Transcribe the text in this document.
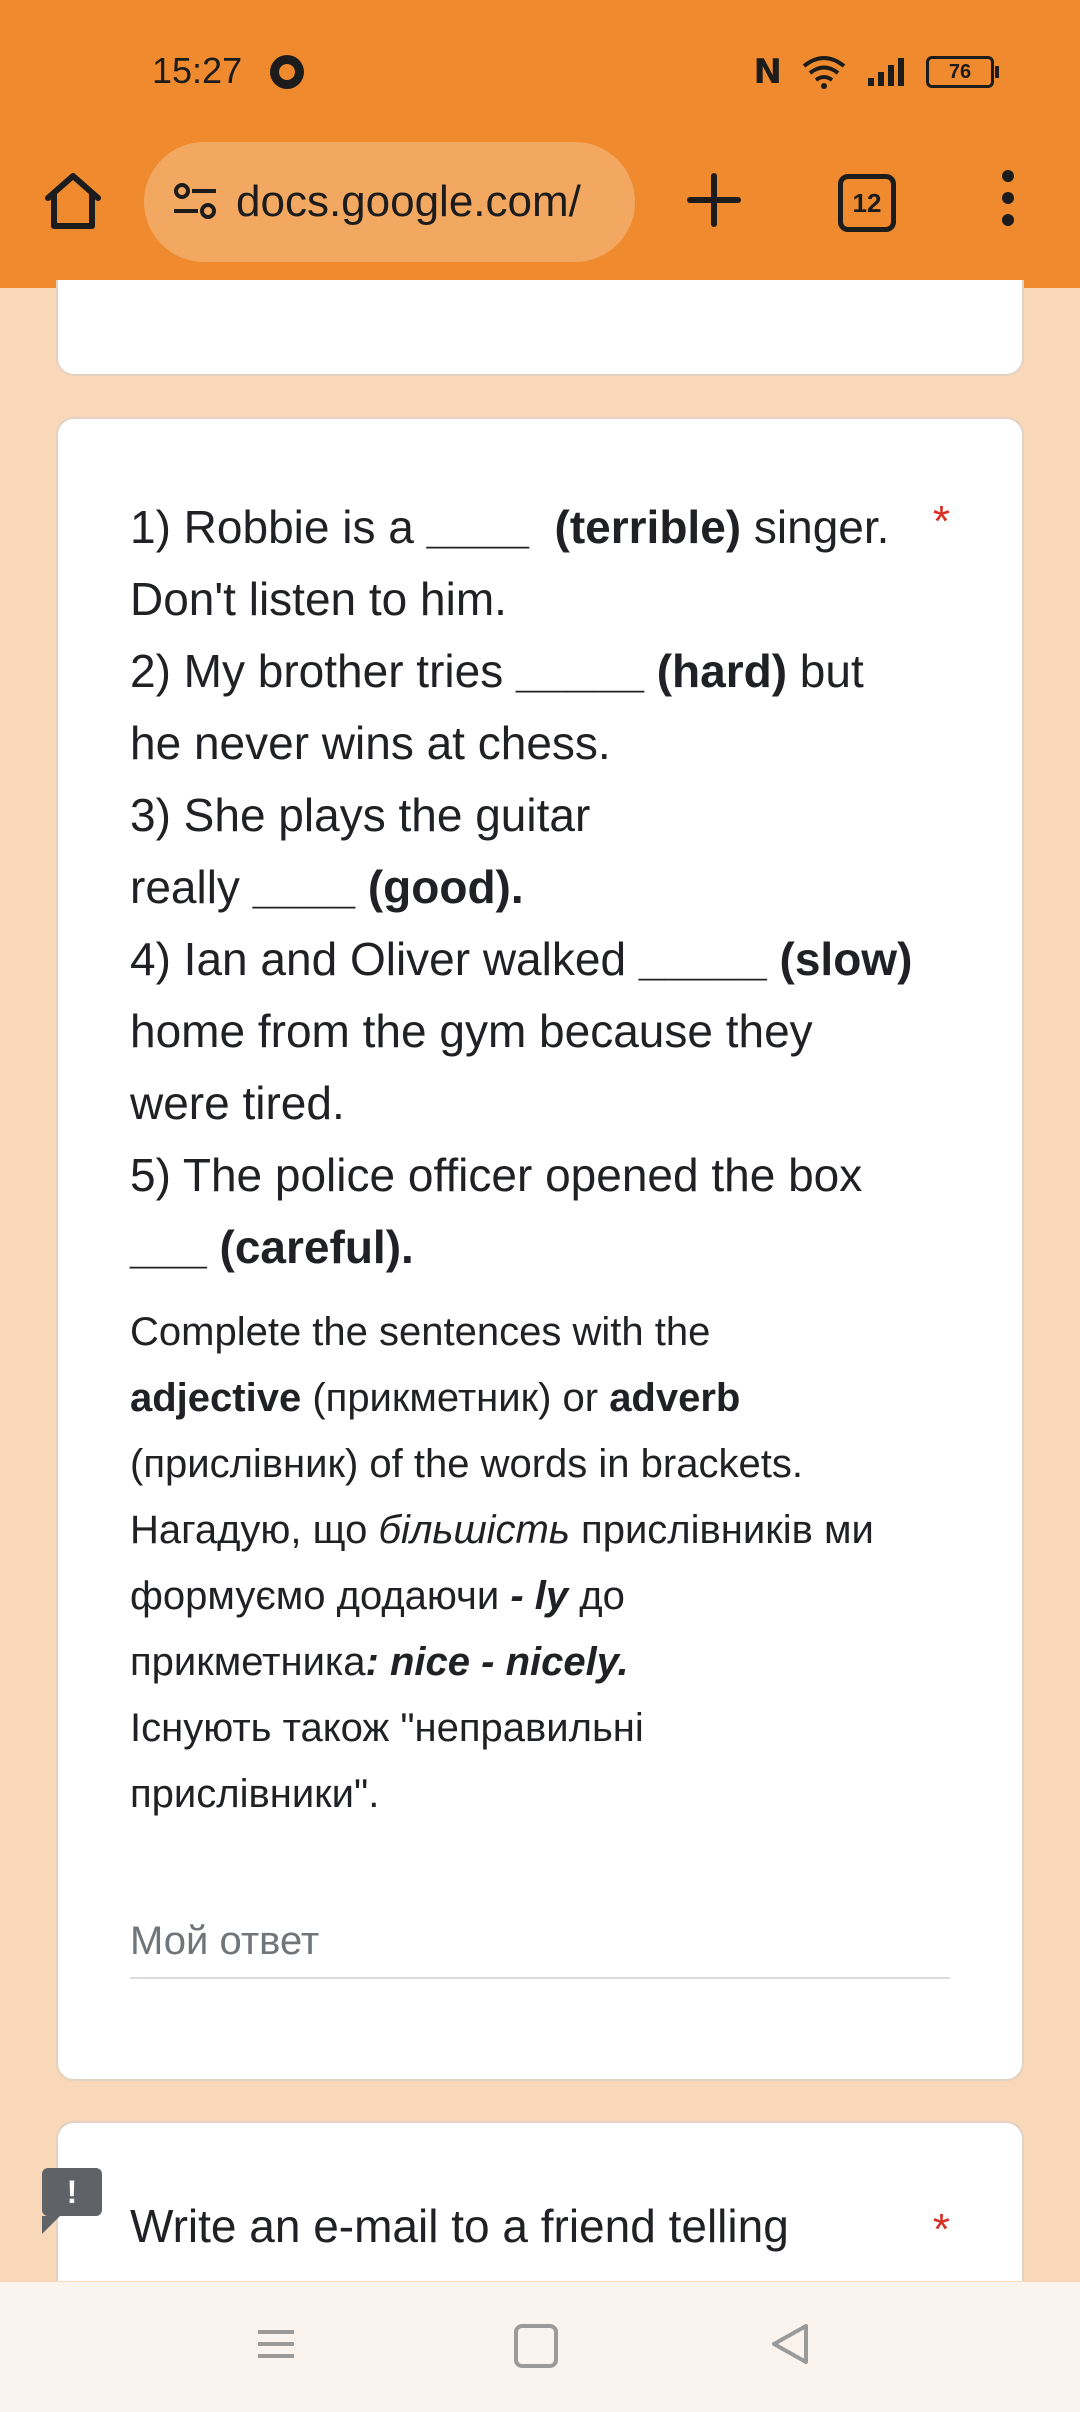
15:27	N	76
docs.google.com/	12
1) Robbie is a ____ (terrible) singer.
Don't listen to him.
2) My brother tries _____ (hard) but
he never wins at chess.
3) She plays the guitar
really ____ (good).
4) Ian and Oliver walked _____ (slow)
home from the gym because they
were tired.
5) The police officer opened the box
___ (careful).
*
Complete the sentences with the
adjective (прикметник) or adverb
(прислівник) of the words in brackets.
Нагадую, що більшість прислівників ми
формуємо додаючи - ly до
прикметника: nice - nicely.
Існують також "неправильні
прислівники".
Мой ответ
Write an e-mail to a friend telling	*
!
